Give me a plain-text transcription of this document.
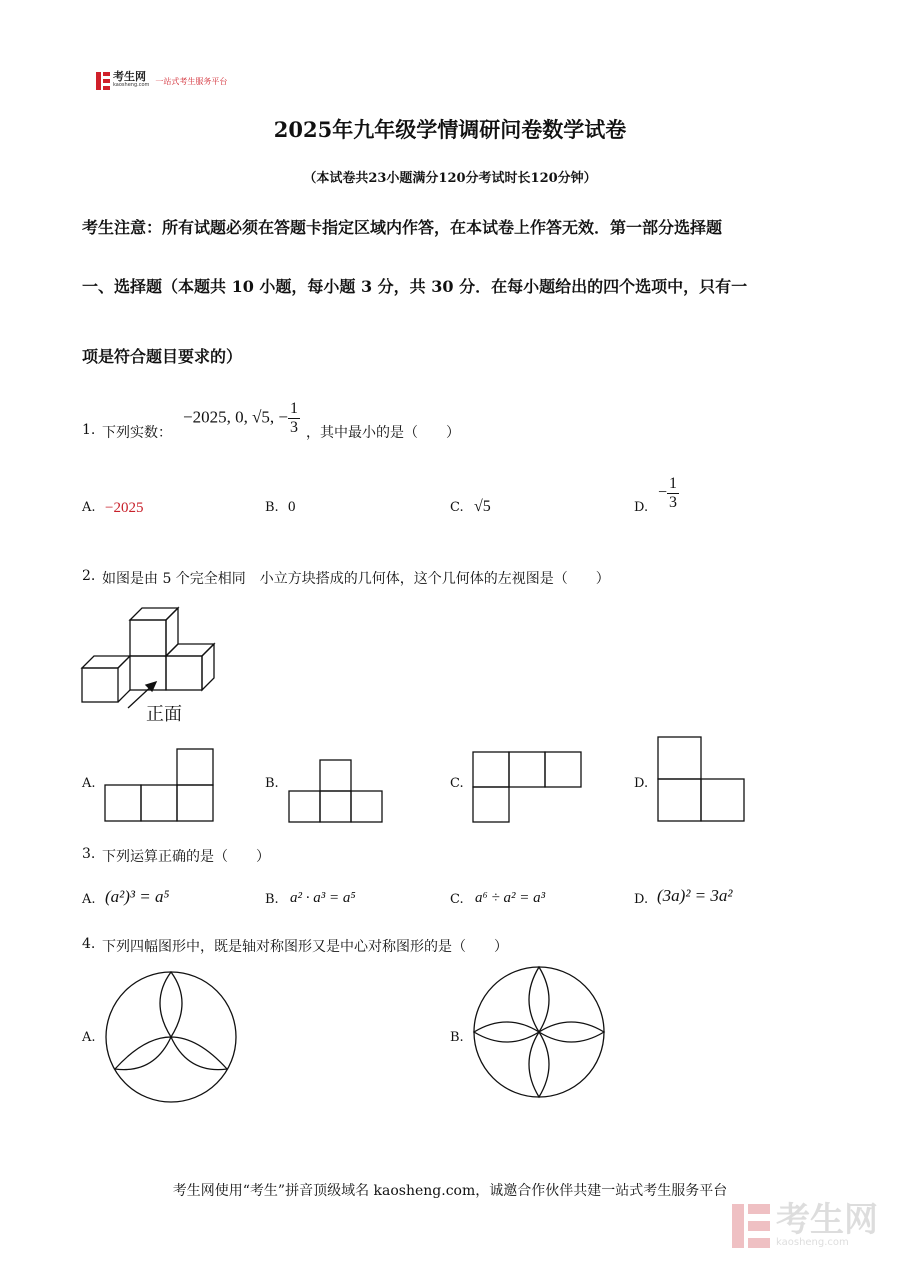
考生网
kaosheng.com 一站式考生服务平台
2025年九年级学情调研问卷数学试卷
（本试卷共23小题满分120分考试时长120分钟）
考生注意：所有试题必须在答题卡指定区域内作答，在本试卷上作答无效．第一部分选择题
一、选择题（本题共 10 小题，每小题 3 分，共 30 分．在每小题给出的四个选项中，只有一
项是符合题目要求的）
1. 下列实数：
−2025, 0, √5, − $\frac{1}{3}$ ，其中最小的是（　　）
A. −2025	B. 0	C. √5	D.
− $\frac{1}{3}$
2. 如图是由 5 个完全相同　小立方块搭成的几何体，这个几何体的左视图是（　　）
正面
A.	B.	C.	D.
3. 下列运算正确的是（　　）
A. (a²)³ = a⁵	B. a² · a³ = a⁵	C. a⁶ ÷ a² = a³	D. (3a)² = 3a²
4. 下列四幅图形中，既是轴对称图形又是中心对称图形的是（　　）
A.	B.
考生网使用“考生”拼音顶级域名 kaosheng.com，诚邀合作伙伴共建一站式考生服务平台
考生网
kaosheng.com
